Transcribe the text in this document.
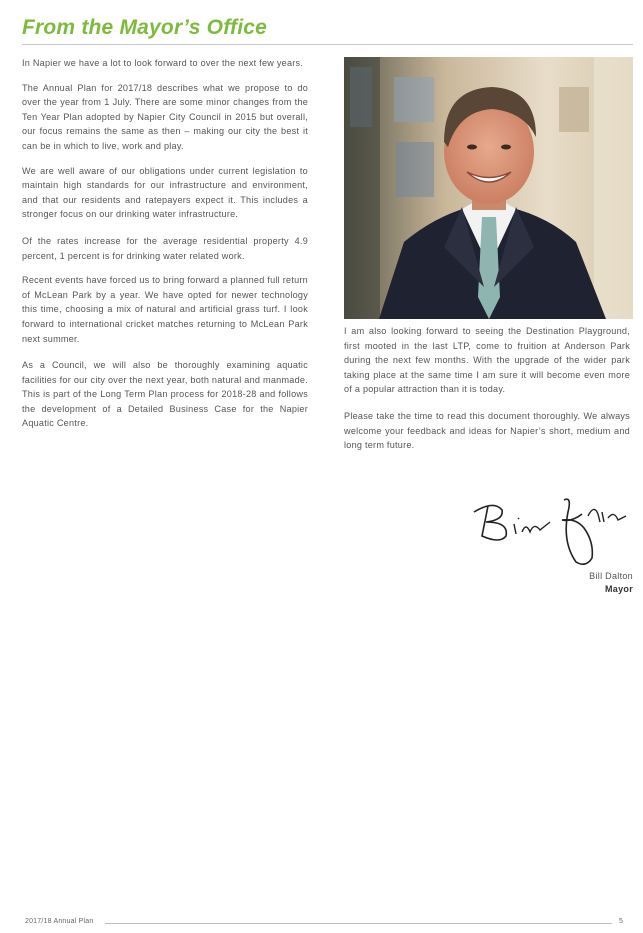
From the Mayor’s Office

In Napier we have a lot to look forward to over the next few years.

The Annual Plan for 2017/18 describes what we propose to do over the year from 1 July. There are some minor changes from the Ten Year Plan adopted by Napier City Council in 2015 but overall, our focus remains the same as then – making our city the best it can be in which to live, work and play.

We are well aware of our obligations under current legislation to maintain high standards for our infrastructure and environment, and that our residents and ratepayers expect it. This includes a stronger focus on our drinking water infrastructure.

Of the rates increase for the average residential property 4.9 percent, 1 percent is for drinking water related work.

Recent events have forced us to bring forward a planned full return of McLean Park by a year. We have opted for newer technology this time, choosing a mix of natural and artificial grass turf. I look forward to international cricket matches returning to McLean Park next summer.

As a Council, we will also be thoroughly examining aquatic facilities for our city over the next year, both natural and manmade. This is part of the Long Term Plan process for 2018-28 and follows the development of a Detailed Business Case for the Napier Aquatic Centre.

I am also looking forward to seeing the Destination Playground, first mooted in the last LTP, come to fruition at Anderson Park during the next few months. With the upgrade of the wider park taking place at the same time I am sure it will become even more of a popular attraction than it is today.

Please take the time to read this document thoroughly. We always welcome your feedback and ideas for Napier’s short, medium and long term future.

Bill Dalton
Mayor
2017/18 Annual Plan	5
